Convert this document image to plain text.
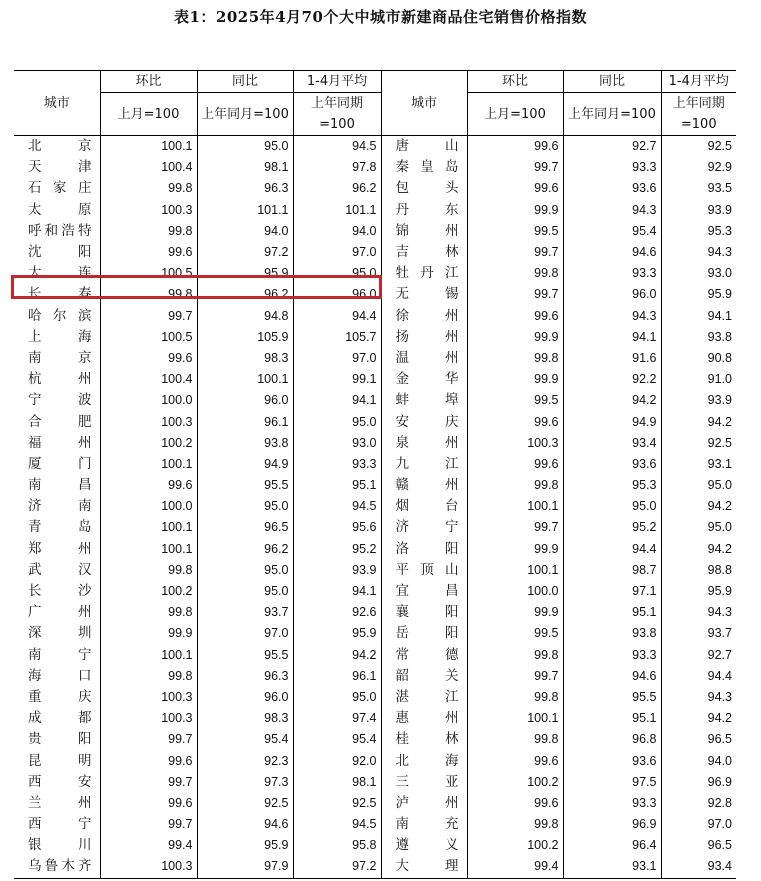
表1：2025年4月70个大中城市新建商品住宅销售价格指数
城市	环比	同比	1-4月平均	城市	环比	同比	1-4月平均
	上月=100	上年同月=100	上年同期=100		上月=100	上年同月=100	上年同期=100
北京	100.1	95.0	94.5	唐山	99.6	92.7	92.5
天津	100.4	98.1	97.8	秦皇岛	99.7	93.3	92.9
石家庄	99.8	96.3	96.2	包头	99.6	93.6	93.5
太原	100.3	101.1	101.1	丹东	99.9	94.3	93.9
呼和浩特	99.8	94.0	94.0	锦州	99.5	95.4	95.3
沈阳	99.6	97.2	97.0	吉林	99.7	94.6	94.3
大连	100.5	95.9	95.0	牡丹江	99.8	93.3	93.0
长春	99.8	96.2	96.0	无锡	99.7	96.0	95.9
哈尔滨	99.7	94.8	94.4	徐州	99.6	94.3	94.1
上海	100.5	105.9	105.7	扬州	99.9	94.1	93.8
南京	99.6	98.3	97.0	温州	99.8	91.6	90.8
杭州	100.4	100.1	99.1	金华	99.9	92.2	91.0
宁波	100.0	96.0	94.1	蚌埠	99.5	94.2	93.9
合肥	100.3	96.1	95.0	安庆	99.6	94.9	94.2
福州	100.2	93.8	93.0	泉州	100.3	93.4	92.5
厦门	100.1	94.9	93.3	九江	99.6	93.6	93.1
南昌	99.6	95.5	95.1	赣州	99.8	95.3	95.0
济南	100.0	95.0	94.5	烟台	100.1	95.0	94.2
青岛	100.1	96.5	95.6	济宁	99.7	95.2	95.0
郑州	100.1	96.2	95.2	洛阳	99.9	94.4	94.2
武汉	99.8	95.0	93.9	平顶山	100.1	98.7	98.8
长沙	100.2	95.0	94.1	宜昌	100.0	97.1	95.9
广州	99.8	93.7	92.6	襄阳	99.9	95.1	94.3
深圳	99.9	97.0	95.9	岳阳	99.5	93.8	93.7
南宁	100.1	95.5	94.2	常德	99.8	93.3	92.7
海口	99.8	96.3	96.1	韶关	99.7	94.6	94.4
重庆	100.3	96.0	95.0	湛江	99.8	95.5	94.3
成都	100.3	98.3	97.4	惠州	100.1	95.1	94.2
贵阳	99.7	95.4	95.4	桂林	99.8	96.8	96.5
昆明	99.6	92.3	92.0	北海	99.6	93.6	94.0
西安	99.7	97.3	98.1	三亚	100.2	97.5	96.9
兰州	99.6	92.5	92.5	泸州	99.6	93.3	92.8
西宁	99.7	94.6	94.5	南充	99.8	96.9	97.0
银川	99.4	95.9	95.8	遵义	100.2	96.4	96.5
乌鲁木齐	100.3	97.9	97.2	大理	99.4	93.1	93.4
